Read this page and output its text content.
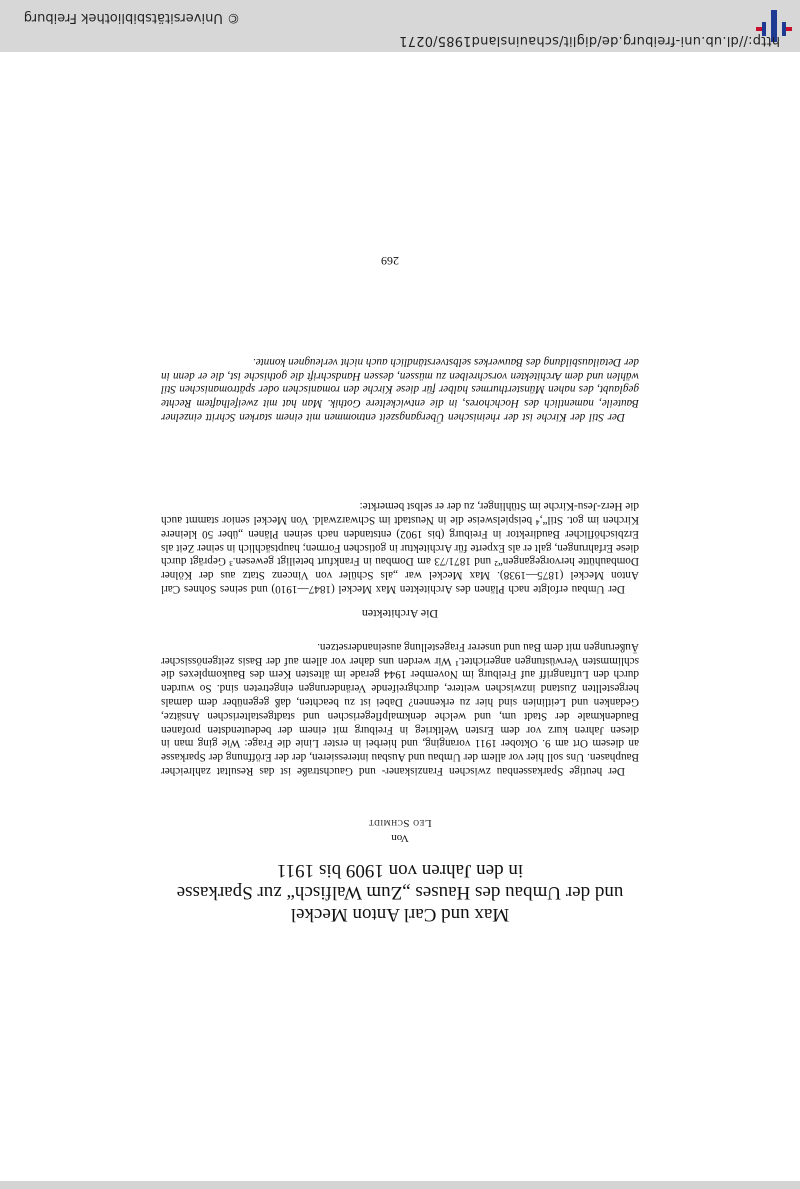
http://dl.ub.uni-freiburg.de/diglit/schauinsland1985/0271
© Universitätsbibliothek Freiburg
269
Max und Carl Anton Meckel
und der Umbau des Hauses „Zum Walfisch“ zur Sparkasse
in den Jahren von 1909 bis 1911
Von
Leo Schmidt

Der heutige Sparkassenbau zwischen Franziskaner- und Gauchstraße ist das Resultat zahlreicher Bauphasen. Uns soll hier vor allem der Umbau und Ausbau interessieren, der der Eröffnung der Sparkasse an diesem Ort am 9. Oktober 1911 voranging, und hierbei in erster Linie die Frage: Wie ging man in diesen Jahren kurz vor dem Ersten Weltkrieg in Freiburg mit einem der bedeutendsten profanen Baudenkmale der Stadt um, und welche denkmalpflegerischen und stadtgestalterischen Ansätze, Gedanken und Leitlinien sind hier zu erkennen? Dabei ist zu beachten, daß gegenüber dem damals hergestellten Zustand inzwischen weitere, durchgreifende Veränderungen eingetreten sind. So wurden durch den Luftangriff auf Freiburg im November 1944 gerade im ältesten Kern des Baukomplexes die schlimmsten Verwüstungen angerichtet.¹ Wir werden uns daher vor allem auf der Basis zeitgenössischer Äußerungen mit dem Bau und unserer Fragestellung auseinandersetzen.

Die Architekten

Der Umbau erfolgte nach Plänen des Architekten Max Meckel (1847—1910) und seines Sohnes Carl Anton Meckel (1875—1938). Max Meckel war „als Schüler von Vincenz Statz aus der Kölner Dombauhütte hervorgegangen“² und 1871/73 am Dombau in Frankfurt beteiligt gewesen.³ Geprägt durch diese Erfahrungen, galt er als Experte für Architektur in gotischen Formen; hauptsächlich in seiner Zeit als Erzbischöflicher Baudirektor in Freiburg (bis 1902) entstanden nach seinen Plänen „über 50 kleinere Kirchen im got. Stil“,⁴ beispielsweise die in Neustadt im Schwarzwald. Von Meckel senior stammt auch die Herz-Jesu-Kirche im Stühlinger, zu der er selbst bemerkte:

Der Stil der Kirche ist der rheinischen Übergangszeit entnommen mit einem starken Schritt einzelner Bauteile, namentlich des Hochchores, in die entwickeltere Gothik. Man hat mit zweifelhaftem Rechte geglaubt, des nahen Münsterthurmes halber für diese Kirche den romanischen oder spätromanischen Stil wählen und dem Architekten vorschreiben zu müssen, dessen Handschrift die gothische ist, die er denn in der Detailausbildung des Bauwerkes selbstverständlich auch nicht verleugnen konnte.
